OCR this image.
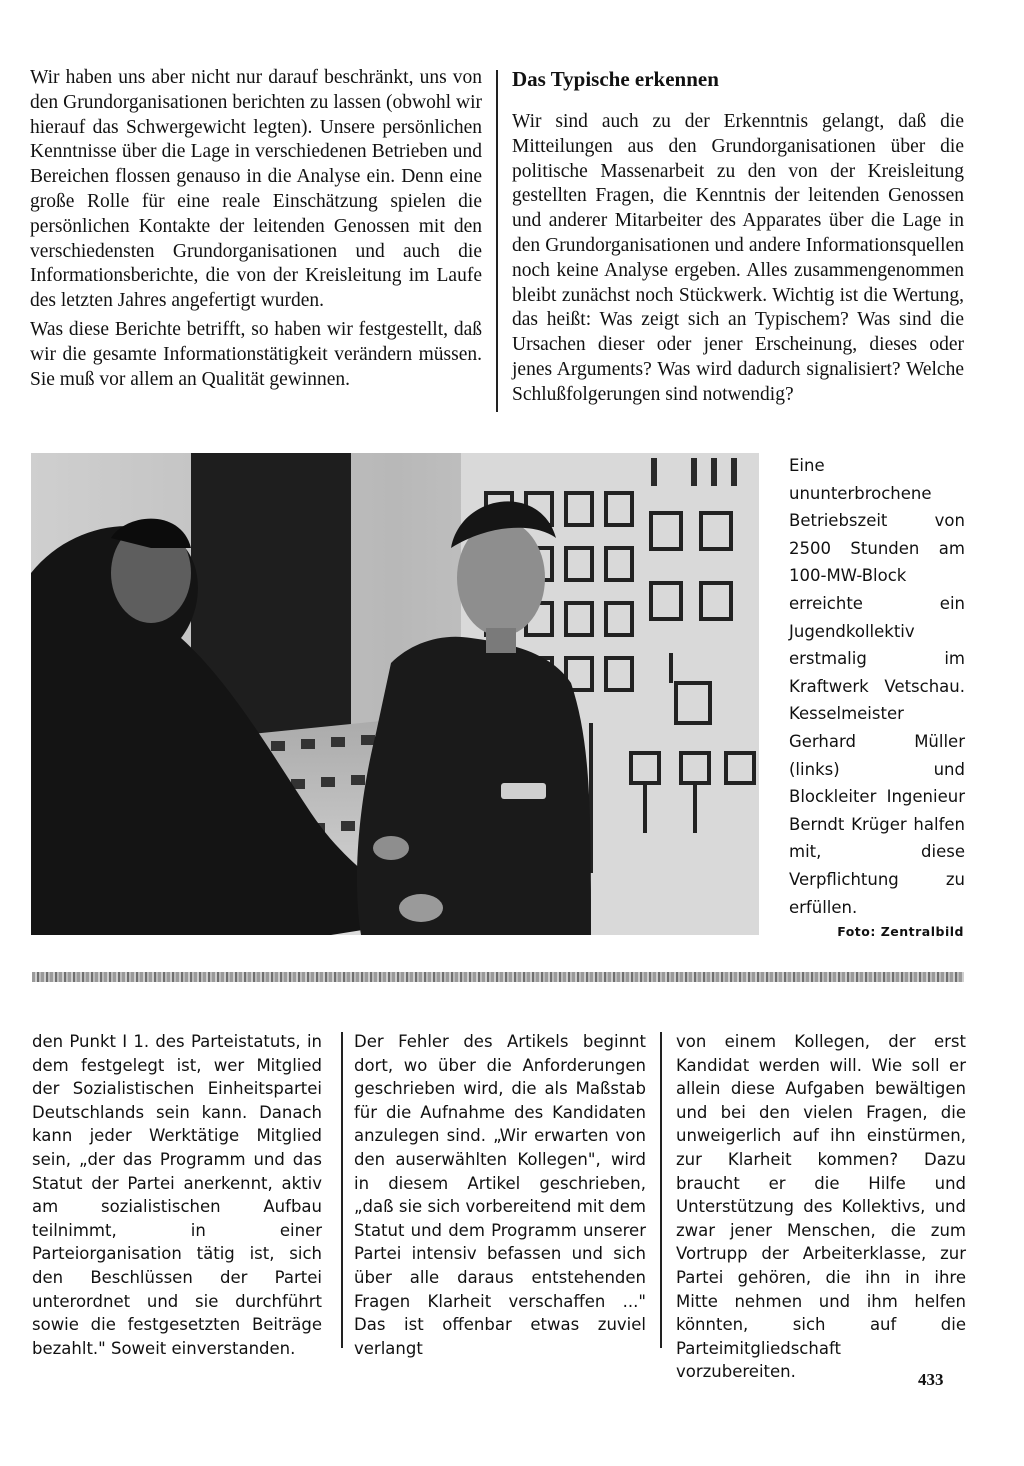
Wir haben uns aber nicht nur darauf beschränkt, uns von den Grundorganisationen berichten zu lassen (obwohl wir hierauf das Schwergewicht legten). Unsere persönlichen Kenntnisse über die Lage in verschiedenen Betrieben und Bereichen flossen genauso in die Analyse ein. Denn eine große Rolle für eine reale Einschätzung spielen die persönlichen Kontakte der leitenden Genossen mit den verschiedensten Grundorganisationen und auch die Informationsberichte, die von der Kreisleitung im Laufe des letzten Jahres angefertigt wurden.

Was diese Berichte betrifft, so haben wir festgestellt, daß wir die gesamte Informationstätigkeit verändern müssen. Sie muß vor allem an Qualität gewinnen.

Das Typische erkennen

Wir sind auch zu der Erkenntnis gelangt, daß die Mitteilungen aus den Grundorganisationen über die politische Massenarbeit zu den von der Kreisleitung gestellten Fragen, die Kenntnis der leitenden Genossen und anderer Mitarbeiter des Apparates über die Lage in den Grundorganisationen und andere Informationsquellen noch keine Analyse ergeben. Alles zusammengenommen bleibt zunächst noch Stückwerk. Wichtig ist die Wertung, das heißt: Was zeigt sich an Typischem? Was sind die Ursachen dieser oder jener Erscheinung, dieses oder jenes Arguments? Was wird dadurch signalisiert? Welche Schlußfolgerungen sind notwendig?

Eine ununterbrochene Betriebszeit von 2500 Stunden am 100-MW-Block erreichte ein Jugendkollektiv erstmalig im Kraftwerk Vetschau. Kesselmeister Gerhard Müller (links) und Blockleiter Ingenieur Berndt Krüger halfen mit, diese Verpflichtung zu erfüllen.
Foto: Zentralbild
den Punkt I 1. des Parteistatuts, in dem festgelegt ist, wer Mitglied der Sozialistischen Einheitspartei Deutschlands sein kann. Danach kann jeder Werktätige Mitglied sein, „der das Programm und das Statut der Partei anerkennt, aktiv am sozialistischen Aufbau teilnimmt, in einer Parteiorganisation tätig ist, sich den Beschlüssen der Partei unterordnet und sie durchführt sowie die festgesetzten Beiträge bezahlt." Soweit einverstanden.
Der Fehler des Artikels beginnt dort, wo über die Anforderungen geschrieben wird, die als Maßstab für die Aufnahme des Kandidaten anzulegen sind. „Wir erwarten von den auserwählten Kollegen", wird in diesem Artikel geschrieben, „daß sie sich vorbereitend mit dem Statut und dem Programm unserer Partei intensiv befassen und sich über alle daraus entstehenden Fragen Klarheit verschaffen ..." Das ist offenbar etwas zuviel verlangt
von einem Kollegen, der erst Kandidat werden will. Wie soll er allein diese Aufgaben bewältigen und bei den vielen Fragen, die unweigerlich auf ihn einstürmen, zur Klarheit kommen? Dazu braucht er die Hilfe und Unterstützung des Kollektivs, und zwar jener Menschen, die zum Vortrupp der Arbeiterklasse, zur Partei gehören, die ihn in ihre Mitte nehmen und ihm helfen könnten, sich auf die Parteimitgliedschaft vorzubereiten.	433
